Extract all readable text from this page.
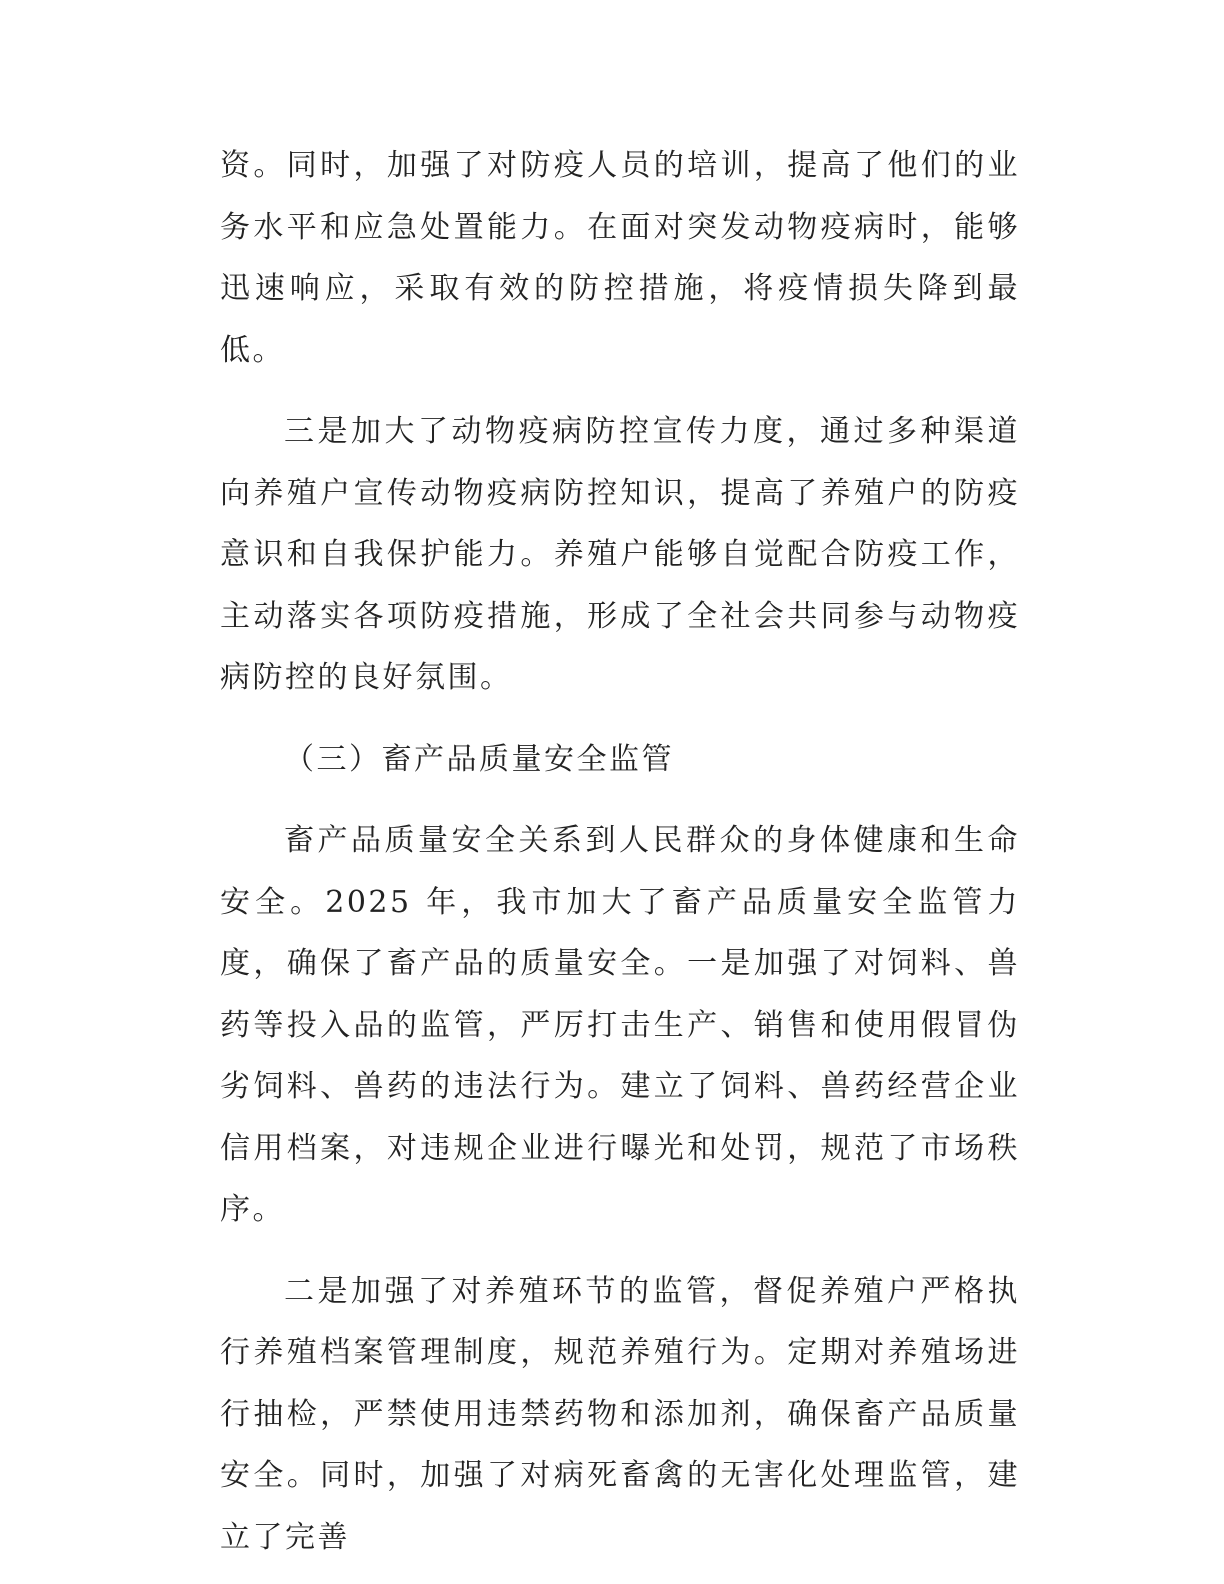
资。同时，加强了对防疫人员的培训，提高了他们的业务水平和应急处置能力。在面对突发动物疫病时，能够迅速响应，采取有效的防控措施，将疫情损失降到最低。

三是加大了动物疫病防控宣传力度，通过多种渠道向养殖户宣传动物疫病防控知识，提高了养殖户的防疫意识和自我保护能力。养殖户能够自觉配合防疫工作，主动落实各项防疫措施，形成了全社会共同参与动物疫病防控的良好氛围。

（三）畜产品质量安全监管

畜产品质量安全关系到人民群众的身体健康和生命安全。2025 年，我市加大了畜产品质量安全监管力度，确保了畜产品的质量安全。一是加强了对饲料、兽药等投入品的监管，严厉打击生产、销售和使用假冒伪劣饲料、兽药的违法行为。建立了饲料、兽药经营企业信用档案，对违规企业进行曝光和处罚，规范了市场秩序。

二是加强了对养殖环节的监管，督促养殖户严格执行养殖档案管理制度，规范养殖行为。定期对养殖场进行抽检，严禁使用违禁药物和添加剂，确保畜产品质量安全。同时，加强了对病死畜禽的无害化处理监管，建立了完善
